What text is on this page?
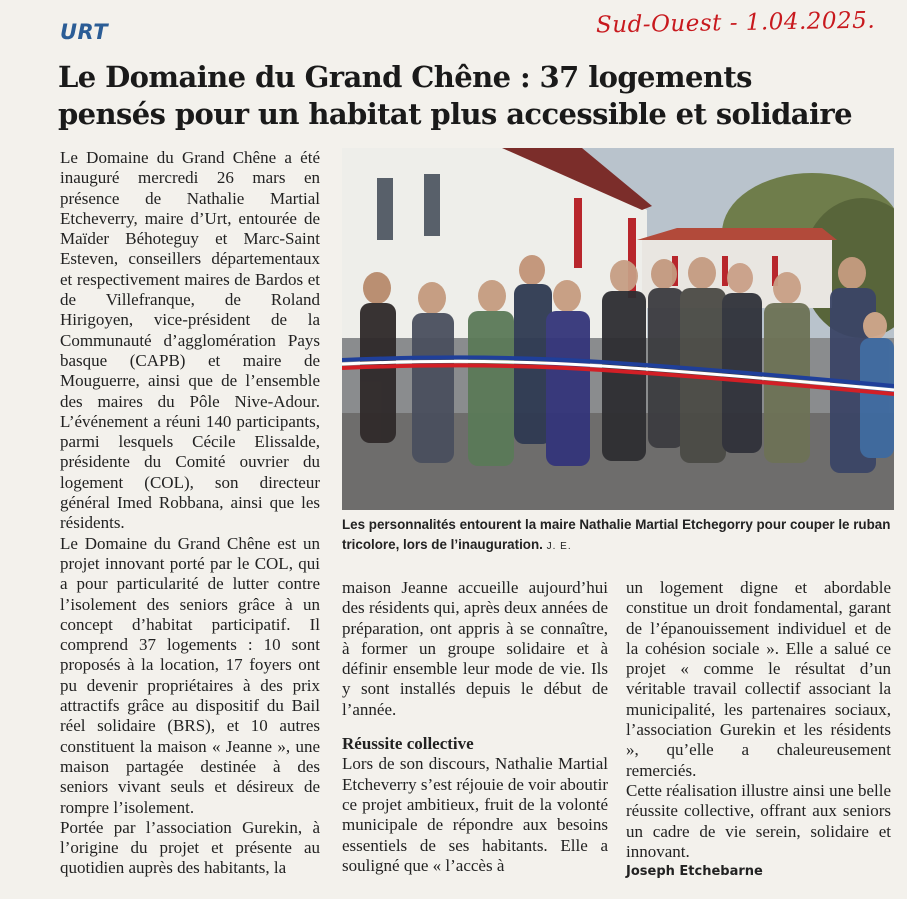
URT	Sud-Ouest - 1.04.2025.
Le Domaine du Grand Chêne : 37 logements
pensés pour un habitat plus accessible et solidaire

Le Domaine du Grand Chêne a été inauguré mercredi 26 mars en présence de Nathalie Martial Etcheverry, maire d’Urt, entourée de Maïder Béhoteguy et Marc-Saint Esteven, conseillers départementaux et respectivement maires de Bardos et de Villefranque, de Roland Hirigoyen, vice-président de la Communauté d’agglomération Pays basque (CAPB) et maire de Mouguerre, ainsi que de l’ensemble des maires du Pôle Nive-Adour. L’événement a réuni 140 participants, parmi lesquels Cécile Elissalde, présidente du Comité ouvrier du logement (COL), son directeur général Imed Robbana, ainsi que les résidents.

Le Domaine du Grand Chêne est un projet innovant porté par le COL, qui a pour particularité de lutter contre l’isolement des seniors grâce à un concept d’habitat participatif. Il comprend 37 logements : 10 sont proposés à la location, 17 foyers ont pu devenir propriétaires à des prix attractifs grâce au dispositif du Bail réel solidaire (BRS), et 10 autres constituent la maison « Jeanne », une maison partagée destinée à des seniors vivant seuls et désireux de rompre l’isolement.

Portée par l’association Gurekin, à l’origine du projet et présente au quotidien auprès des habitants, la

Les personnalités entourent la maire Nathalie Martial Etchegorry pour couper le ruban tricolore, lors de l’inauguration. J. E.

maison Jeanne accueille aujourd’hui des résidents qui, après deux années de préparation, ont appris à se connaître, à former un groupe solidaire et à définir ensemble leur mode de vie. Ils y sont installés depuis le début de l’année.

Réussite collective

Lors de son discours, Nathalie Martial Etcheverry s’est réjouie de voir aboutir ce projet ambitieux, fruit de la volonté municipale de répondre aux besoins essentiels de ses habitants. Elle a souligné que « l’accès à

un logement digne et abordable constitue un droit fondamental, garant de l’épanouissement individuel et de la cohésion sociale ». Elle a salué ce projet « comme le résultat d’un véritable travail collectif associant la municipalité, les partenaires sociaux, l’association Gurekin et les résidents », qu’elle a chaleureusement remerciés.

Cette réalisation illustre ainsi une belle réussite collective, offrant aux seniors un cadre de vie serein, solidaire et innovant.

Joseph Etchebarne
